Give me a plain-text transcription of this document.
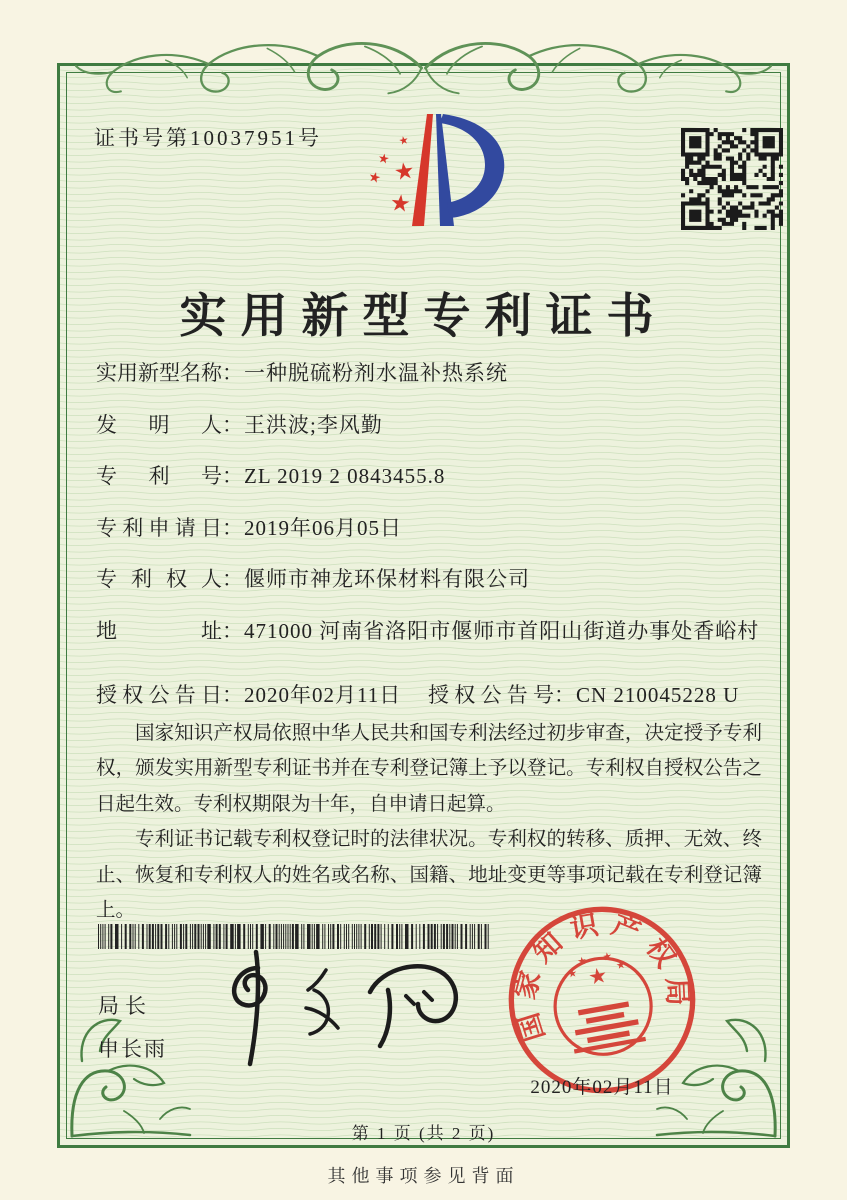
证书号第10037951号	★
★ ★
★
★
实用新型专利证书
实用新型名称 ： 一种脱硫粉剂水温补热系统
发明人 ： 王洪波;李风勤
专利号 ： ZL 2019 2 0843455.8
专利申请日 ： 2019年06月05日
专利权人 ： 偃师市神龙环保材料有限公司
地址 ： 471000 河南省洛阳市偃师市首阳山街道办事处香峪村
授权公告日 ： 2020年02月11日 授权公告号 ： CN 210045228 U

国家知识产权局依照中华人民共和国专利法经过初步审查，决定授予专利权，颁发实用新型专利证书并在专利登记簿上予以登记。专利权自授权公告之日起生效。专利权期限为十年，自申请日起算。

专利证书记载专利权登记时的法律状况。专利权的转移、质押、无效、终止、恢复和专利权人的姓名或名称、国籍、地址变更等事项记载在专利登记簿上。

局长
申长雨
国家知识产权局
★
★
★ ★
★
2020年02月11日
第 1 页 (共 2 页)
其他事项参见背面
